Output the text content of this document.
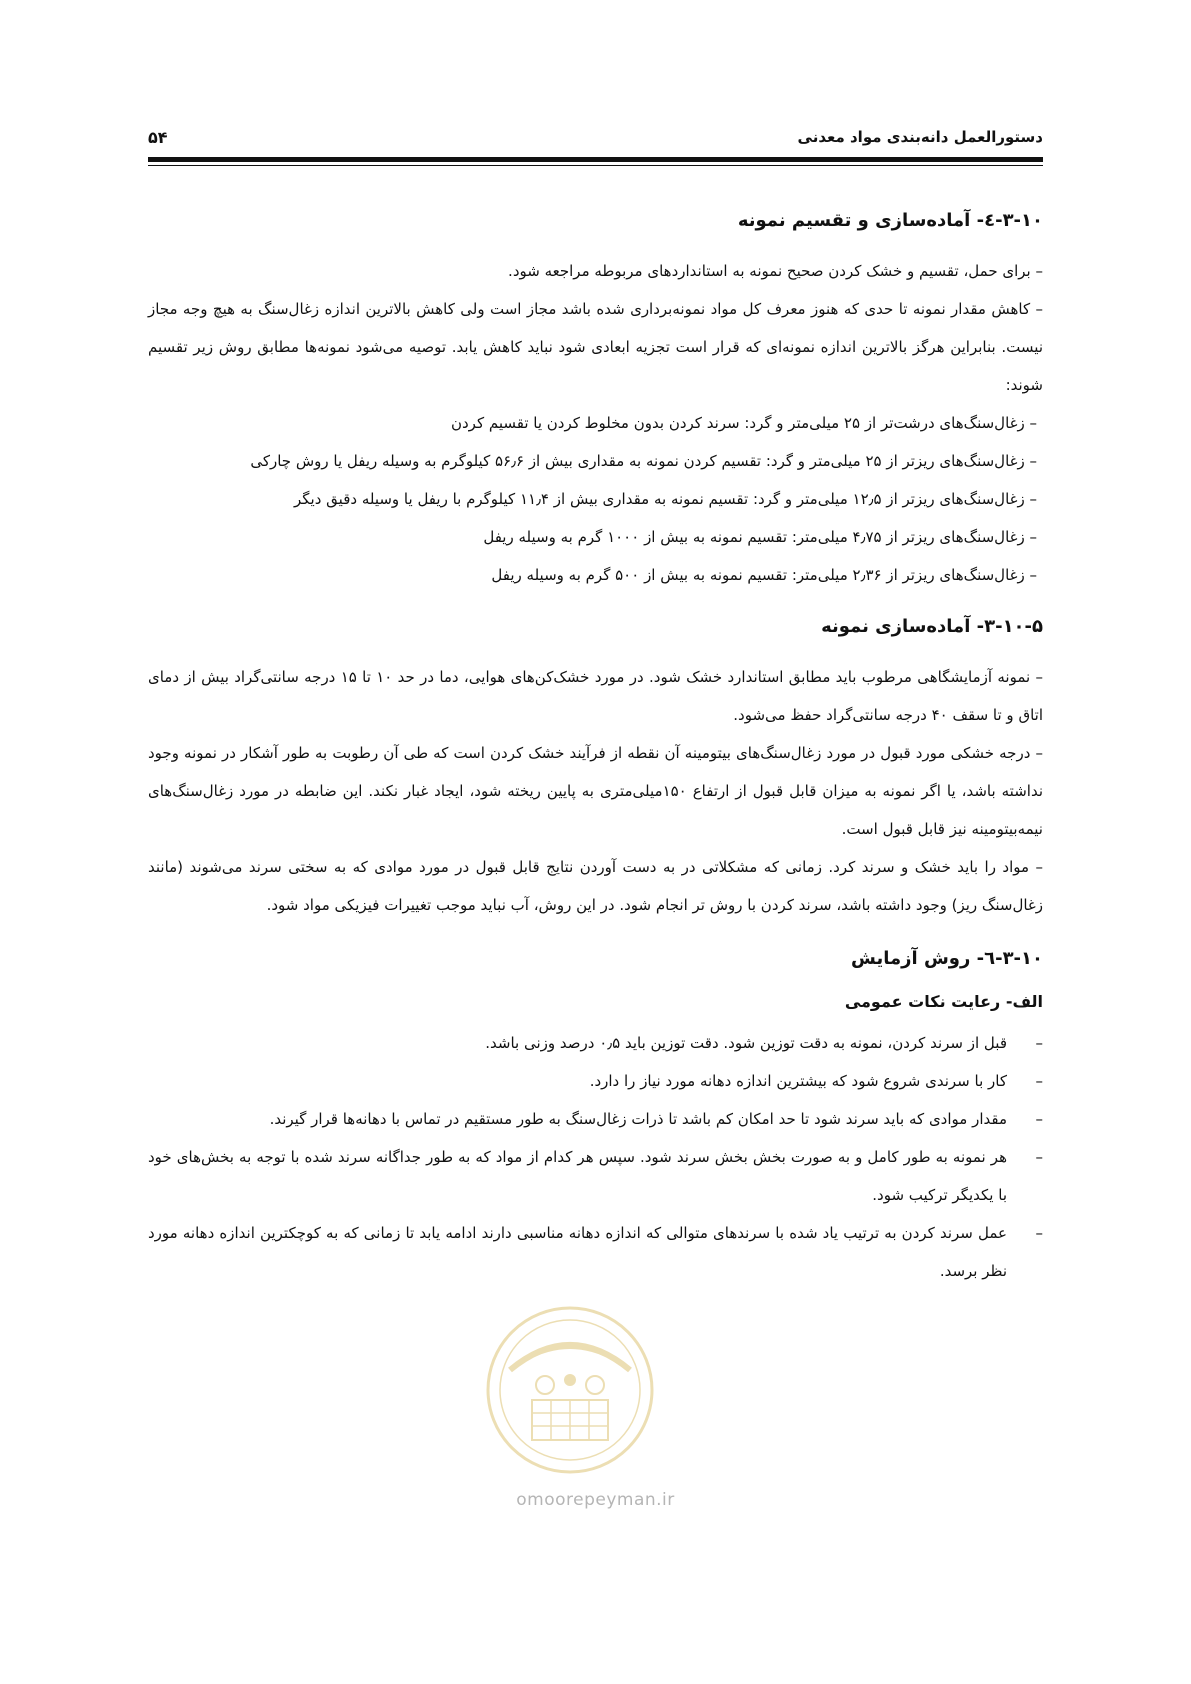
دستورالعمل دانه‌بندی مواد معدنی
۵۴
۳-۱۰-٤- آماده‌سازی و تقسیم نمونه

– برای حمل، تقسیم و خشک کردن صحیح نمونه به استانداردهای مربوطه مراجعه شود.

– کاهش مقدار نمونه تا حدی که هنوز معرف کل مواد نمونه‌برداری شده باشد مجاز است ولی کاهش بالاترین اندازه زغال‌سنگ به هیچ وجه مجاز نیست. بنابراین هرگز بالاترین اندازه نمونه‌ای که قرار است تجزیه ابعادی شود نباید کاهش یابد. توصیه می‌شود نمونه‌ها مطابق روش زیر تقسیم شوند:

– زغال‌سنگ‌های درشت‌تر از ۲۵ میلی‌متر و گرد: سرند کردن بدون مخلوط کردن یا تقسیم کردن

– زغال‌سنگ‌های ریزتر از ۲۵ میلی‌متر و گرد: تقسیم کردن نمونه به مقداری بیش از ۵۶٫۶ کیلوگرم به وسیله ریفل یا روش چارکی

– زغال‌سنگ‌های ریزتر از ۱۲٫۵ میلی‌متر و گرد: تقسیم نمونه به مقداری بیش از ۱۱٫۴ کیلوگرم با ریفل یا وسیله دقیق دیگر

– زغال‌سنگ‌های ریزتر از ۴٫۷۵ میلی‌متر: تقسیم نمونه به بیش از ۱۰۰۰ گرم به وسیله ریفل

– زغال‌سنگ‌های ریزتر از ۲٫۳۶ میلی‌متر: تقسیم نمونه به بیش از ۵۰۰ گرم به وسیله ریفل

۳-۱۰-۵- آماده‌سازی نمونه

– نمونه آزمایشگاهی مرطوب باید مطابق استاندارد خشک شود. در مورد خشک‌کن‌های هوایی، دما در حد ۱۰ تا ۱۵ درجه سانتی‌گراد بیش از دمای اتاق و تا سقف ۴۰ درجه سانتی‌گراد حفظ می‌شود.

– درجه خشکی مورد قبول در مورد زغال‌سنگ‌های بیتومینه آن نقطه از فرآیند خشک کردن است که طی آن رطوبت به طور آشکار در نمونه وجود نداشته باشد، یا اگر نمونه به میزان قابل قبول از ارتفاع ۱۵۰میلی‌متری به پایین ریخته شود، ایجاد غبار نکند. این ضابطه در مورد زغال‌سنگ‌های نیمه‌بیتومینه نیز قابل قبول است.

– مواد را باید خشک و سرند کرد. زمانی که مشکلاتی در به دست آوردن نتایج قابل قبول در مورد موادی که به سختی سرند می‌شوند (مانند زغال‌سنگ ریز) وجود داشته باشد، سرند کردن با روش تر انجام شود. در این روش، آب نباید موجب تغییرات فیزیکی مواد شود.

۳-۱۰-٦- روش آزمایش
الف- رعایت نکات عمومی

–
قبل از سرند کردن، نمونه به دقت توزین شود. دقت توزین باید ۰٫۵ درصد وزنی باشد.

–
کار با سرندی شروع شود که بیشترین اندازه دهانه مورد نیاز را دارد.

–
مقدار موادی که باید سرند شود تا حد امکان کم باشد تا ذرات زغال‌سنگ به طور مستقیم در تماس با دهانه‌ها قرار گیرند.

–
هر نمونه به طور کامل و به صورت بخش بخش سرند شود. سپس هر کدام از مواد که به طور جداگانه سرند شده با توجه به بخش‌های خود با یکدیگر ترکیب شود.

–
عمل سرند کردن به ترتیب یاد شده با سرندهای متوالی که اندازه دهانه مناسبی دارند ادامه یابد تا زمانی که به کوچکترین اندازه دهانه مورد نظر برسد.

omoorepeyman.ir
